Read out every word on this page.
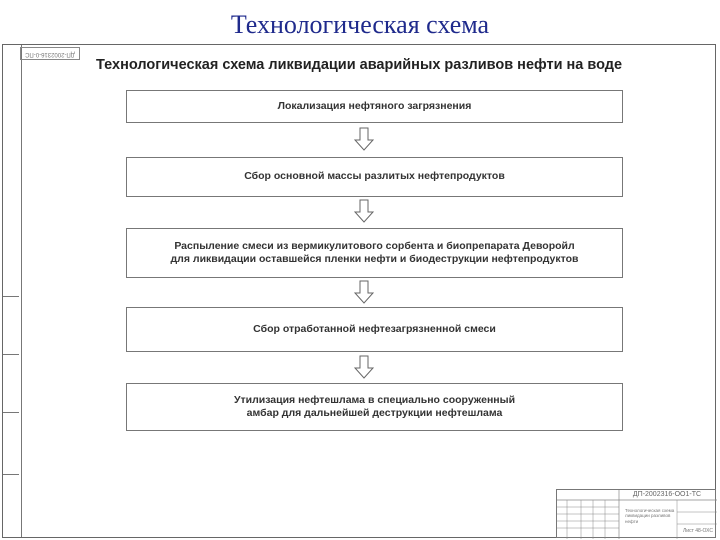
Технологическая схема
ДП-2002316-0-ПС
Технологическая схема ликвидации аварийных разливов нефти на воде
Локализация нефтяного загрязнения
Сбор основной массы разлитых нефтепродуктов
Распыление смеси из вермикулитового сорбента и биопрепарата Деворойл
для ликвидации оставшейся пленки нефти и биодеструкции нефтепродуктов
Сбор отработанной нефтезагрязненной смеси
Утилизация нефтешлама в специально сооруженный
амбар для дальнейшей деструкции нефтешлама
ДП-2002316-ОО1-ТС
Технологическая схема ликвидации разливов нефти
Лист 48-ОХС
